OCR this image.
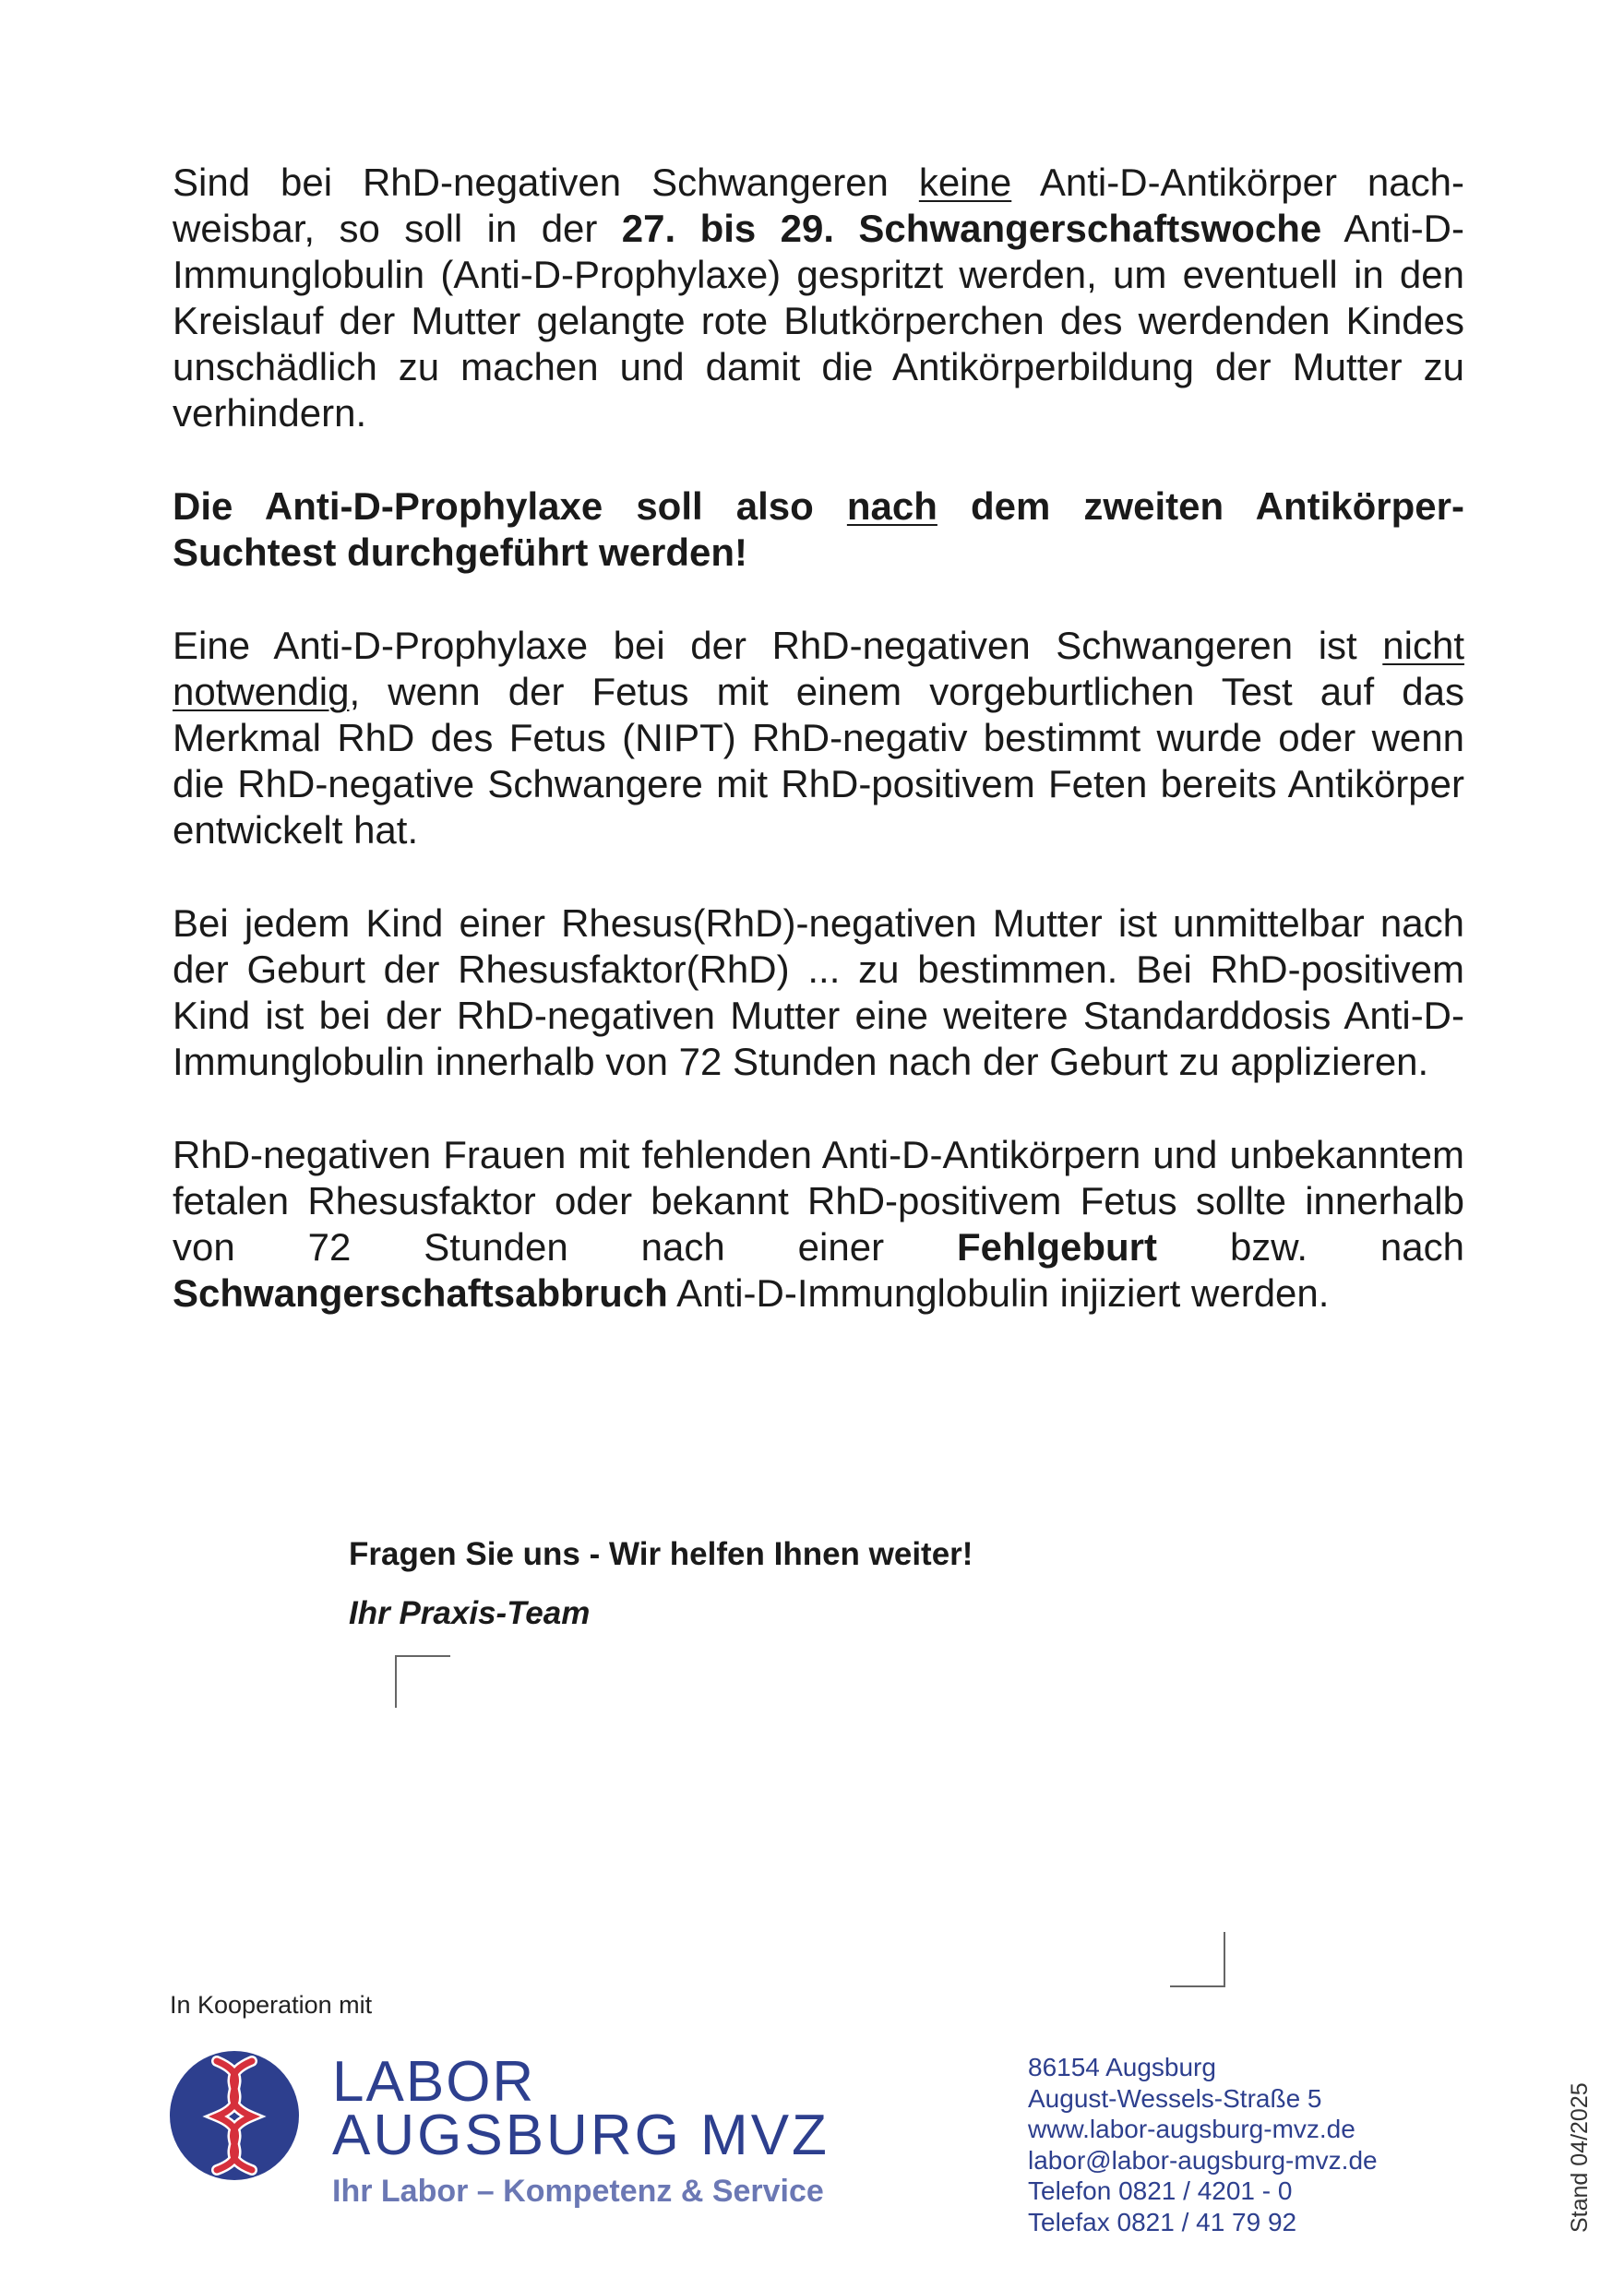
Sind bei RhD-negativen Schwangeren keine Anti-D-Antikörper nachweisbar, so soll in der 27. bis 29. Schwangerschaftswoche Anti-D-Immunglobulin (Anti-D-Prophylaxe) gespritzt werden, um eventuell in den Kreislauf der Mutter gelangte rote Blutkörperchen des werdenden Kindes unschädlich zu machen und damit die Antikörperbildung der Mutter zu verhindern.

Die Anti-D-Prophylaxe soll also nach dem zweiten Antikörper-Suchtest durchgeführt werden!

Eine Anti-D-Prophylaxe bei der RhD-negativen Schwangeren ist nicht notwendig, wenn der Fetus mit einem vorgeburtlichen Test auf das Merkmal RhD des Fetus (NIPT) RhD-negativ bestimmt wurde oder wenn die RhD-negative Schwangere mit RhD-positivem Feten bereits Antikörper entwickelt hat.

Bei jedem Kind einer Rhesus(RhD)-negativen Mutter ist unmittelbar nach der Geburt der Rhesusfaktor(RhD) ... zu bestimmen. Bei RhD-positivem Kind ist bei der RhD-negativen Mutter eine weitere Standarddosis Anti-D-Immunglobulin innerhalb von 72 Stunden nach der Geburt zu applizieren.

RhD-negativen Frauen mit fehlenden Anti-D-Antikörpern und unbekanntem fetalen Rhesusfaktor oder bekannt RhD-positivem Fetus sollte innerhalb von 72 Stunden nach einer Fehlgeburt bzw. nach Schwangerschaftsabbruch Anti-D-Immunglobulin injiziert werden.

Fragen Sie uns - Wir helfen Ihnen weiter!
Ihr Praxis-Team
In Kooperation mit
LABOR
AUGSBURG MVZ
Ihr Labor – Kompetenz & Service
86154 Augsburg
August-Wessels-Straße 5
www.labor-augsburg-mvz.de
labor@labor-augsburg-mvz.de
Telefon 0821 / 4201 - 0
Telefax 0821 / 41 79 92	Stand 04/2025
